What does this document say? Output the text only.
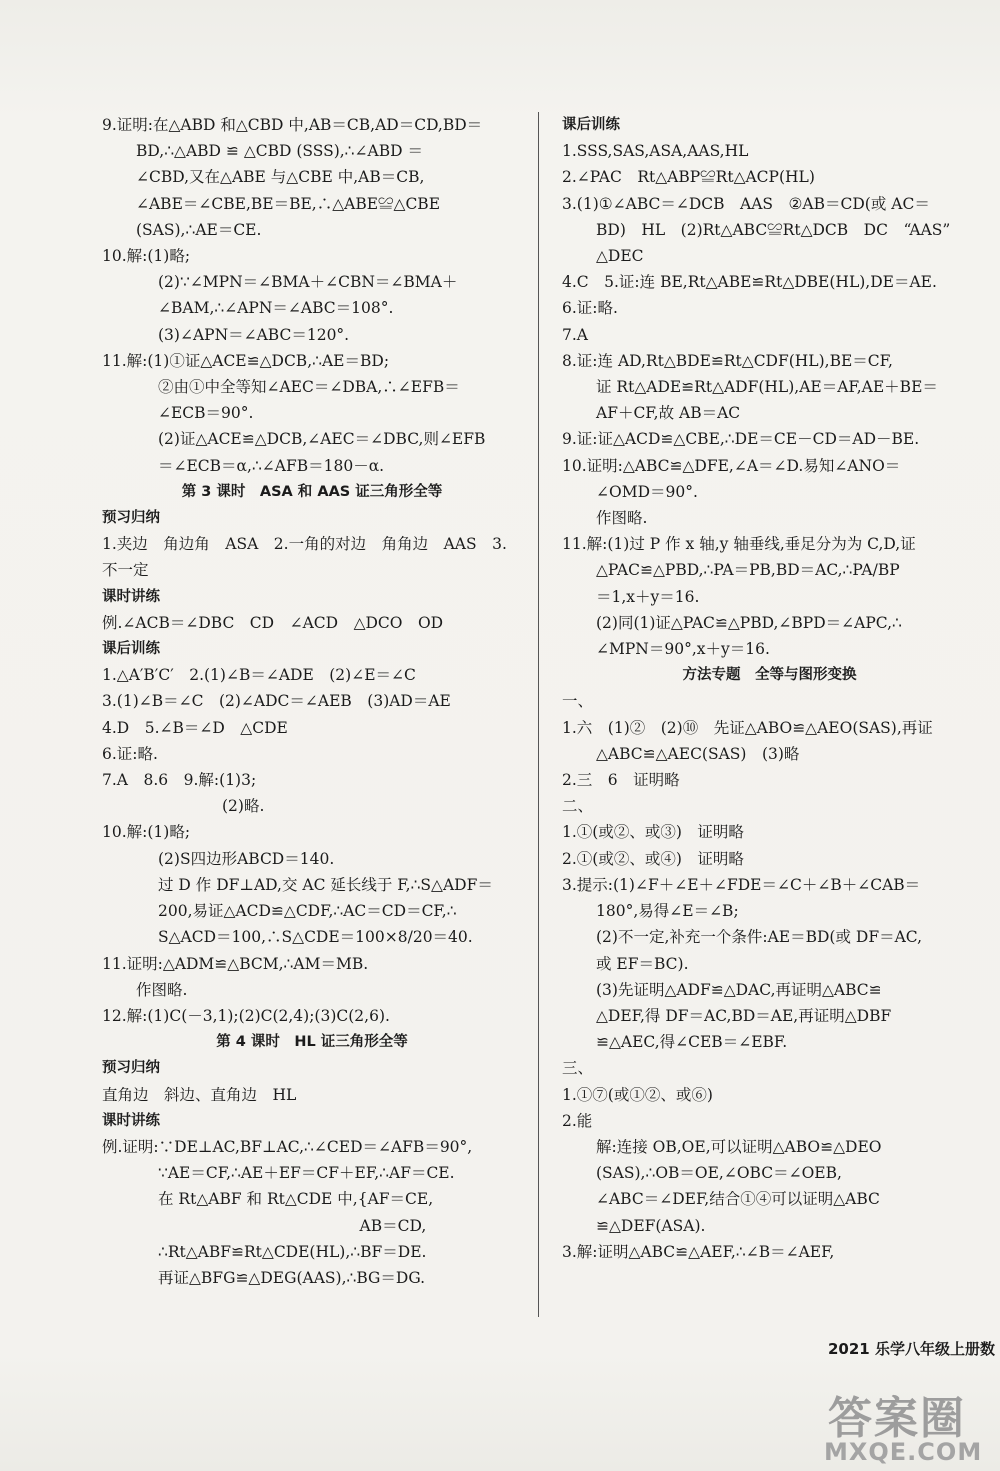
9.证明:在△ABD 和△CBD 中,AB＝CB,AD＝CD,BD＝
BD,∴△ABD ≌ △CBD (SSS),∴∠ABD ＝
∠CBD,又在△ABE 与△CBE 中,AB＝CB,
∠ABE＝∠CBE,BE＝BE,∴△ABE≌△CBE
(SAS),∴AE＝CE.
10.解:(1)略;
(2)∵∠MPN＝∠BMA＋∠CBN＝∠BMA＋
∠BAM,∴∠APN＝∠ABC＝108°.
(3)∠APN＝∠ABC＝120°.
11.解:(1)①证△ACE≌△DCB,∴AE＝BD;
②由①中全等知∠AEC＝∠DBA,∴∠EFB＝
∠ECB＝90°.
(2)证△ACE≌△DCB,∠AEC＝∠DBC,则∠EFB
＝∠ECB＝α,∴∠AFB＝180－α.
第 3 课时　ASA 和 AAS 证三角形全等
预习归纳
1.夹边　角边角　ASA　2.一角的对边　角角边　AAS　3.
不一定
课时讲练
例.∠ACB＝∠DBC　CD　∠ACD　△DCO　OD
课后训练
1.△A′B′C′　2.(1)∠B＝∠ADE　(2)∠E＝∠C
3.(1)∠B＝∠C　(2)∠ADC＝∠AEB　(3)AD＝AE
4.D　5.∠B＝∠D　△CDE
6.证:略.
7.A　8.6　9.解:(1)3;
(2)略.
10.解:(1)略;
(2)S四边形ABCD＝140.
过 D 作 DF⊥AD,交 AC 延长线于 F,∴S△ADF＝
200,易证△ACD≌△CDF,∴AC＝CD＝CF,∴
S△ACD＝100,∴S△CDE＝100×8/20＝40.
11.证明:△ADM≌△BCM,∴AM＝MB.
作图略.
12.解:(1)C(－3,1);(2)C(2,4);(3)C(2,6).
第 4 课时　HL 证三角形全等
预习归纳
直角边　斜边、直角边　HL
课时讲练
例.证明:∵DE⊥AC,BF⊥AC,∴∠CED＝∠AFB＝90°,
∵AE＝CF,∴AE＋EF＝CF＋EF,∴AF＝CE.
在 Rt△ABF 和 Rt△CDE 中,{AF＝CE,
　　　　　　　　　　　　　AB＝CD,
∴Rt△ABF≌Rt△CDE(HL),∴BF＝DE.
再证△BFG≌△DEG(AAS),∴BG＝DG.
课后训练
1.SSS,SAS,ASA,AAS,HL
2.∠PAC　Rt△ABP≌Rt△ACP(HL)
3.(1)①∠ABC＝∠DCB　AAS　②AB＝CD(或 AC＝
BD)　HL　(2)Rt△ABC≌Rt△DCB　DC　“AAS”
△DEC
4.C　5.证:连 BE,Rt△ABE≌Rt△DBE(HL),DE＝AE.
6.证:略.
7.A
8.证:连 AD,Rt△BDE≌Rt△CDF(HL),BE＝CF,
证 Rt△ADE≌Rt△ADF(HL),AE＝AF,AE＋BE＝
AF＋CF,故 AB＝AC
9.证:证△ACD≌△CBE,∴DE＝CE－CD＝AD－BE.
10.证明:△ABC≌△DFE,∠A＝∠D.易知∠ANO＝
∠OMD＝90°.
作图略.
11.解:(1)过 P 作 x 轴,y 轴垂线,垂足分为为 C,D,证
△PAC≌△PBD,∴PA＝PB,BD＝AC,∴PA/BP
＝1,x＋y＝16.
(2)同(1)证△PAC≌△PBD,∠BPD＝∠APC,∴
∠MPN＝90°,x＋y＝16.
方法专题　全等与图形变换
一、
1.六　(1)②　(2)⑩　先证△ABO≌△AEO(SAS),再证
△ABC≌△AEC(SAS)　(3)略
2.三　6　证明略
二、
1.①(或②、或③)　证明略
2.①(或②、或④)　证明略
3.提示:(1)∠F＋∠E＋∠FDE＝∠C＋∠B＋∠CAB＝
180°,易得∠E＝∠B;
(2)不一定,补充一个条件:AE＝BD(或 DF＝AC,
或 EF＝BC).
(3)先证明△ADF≌△DAC,再证明△ABC≌
△DEF,得 DF＝AC,BD＝AE,再证明△DBF
≌△AEC,得∠CEB＝∠EBF.
三、
1.①⑦(或①②、或⑥)
2.能
解:连接 OB,OE,可以证明△ABO≌△DEO
(SAS),∴OB＝OE,∠OBC＝∠OEB,
∠ABC＝∠DEF,结合①④可以证明△ABC
≌△DEF(ASA).
3.解:证明△ABC≌△AEF,∴∠B＝∠AEF,
2021 乐学八年级上册数
答案圈
MXQE.COM
